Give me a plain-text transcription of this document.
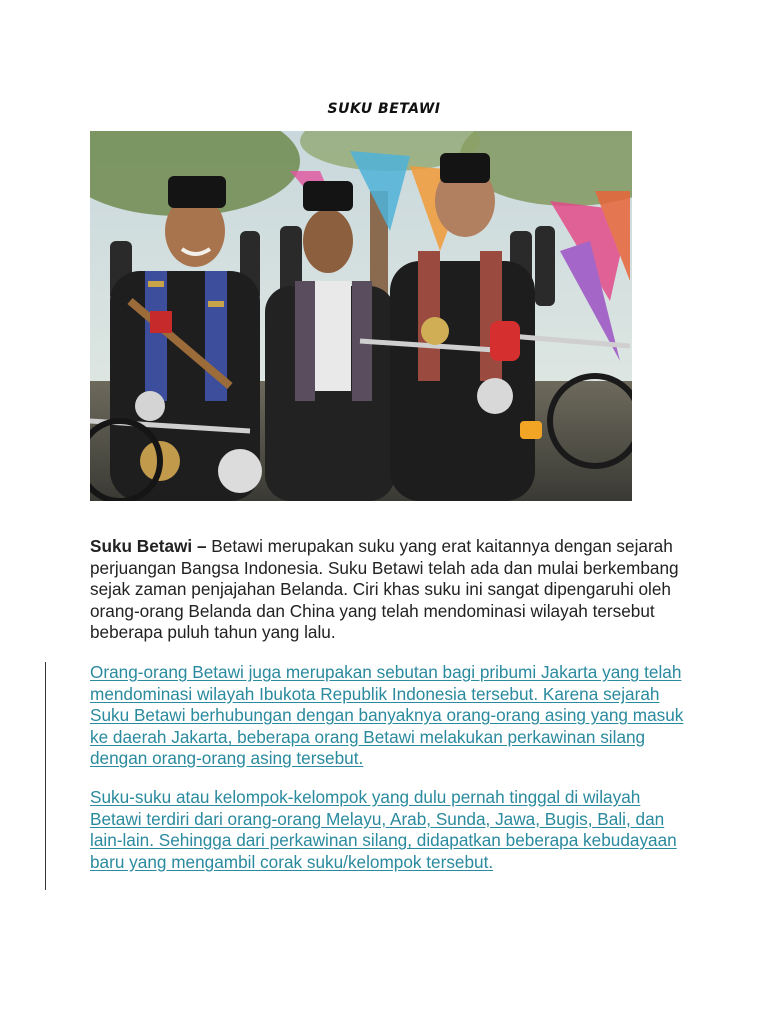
SUKU BETAWI

Suku Betawi – Betawi merupakan suku yang erat kaitannya dengan sejarah perjuangan Bangsa Indonesia. Suku Betawi telah ada dan mulai berkembang sejak zaman penjajahan Belanda. Ciri khas suku ini sangat dipengaruhi oleh orang-orang Belanda dan China yang telah mendominasi wilayah tersebut beberapa puluh tahun yang lalu.

Orang-orang Betawi juga merupakan sebutan bagi pribumi Jakarta yang telah mendominasi wilayah Ibukota Republik Indonesia tersebut. Karena sejarah Suku Betawi berhubungan dengan banyaknya orang-orang asing yang masuk ke daerah Jakarta, beberapa orang Betawi melakukan perkawinan silang dengan orang-orang asing tersebut.

Suku-suku atau kelompok-kelompok yang dulu pernah tinggal di wilayah Betawi terdiri dari orang-orang Melayu, Arab, Sunda, Jawa, Bugis, Bali, dan lain-lain. Sehingga dari perkawinan silang, didapatkan beberapa kebudayaan baru yang mengambil corak suku/kelompok tersebut.
